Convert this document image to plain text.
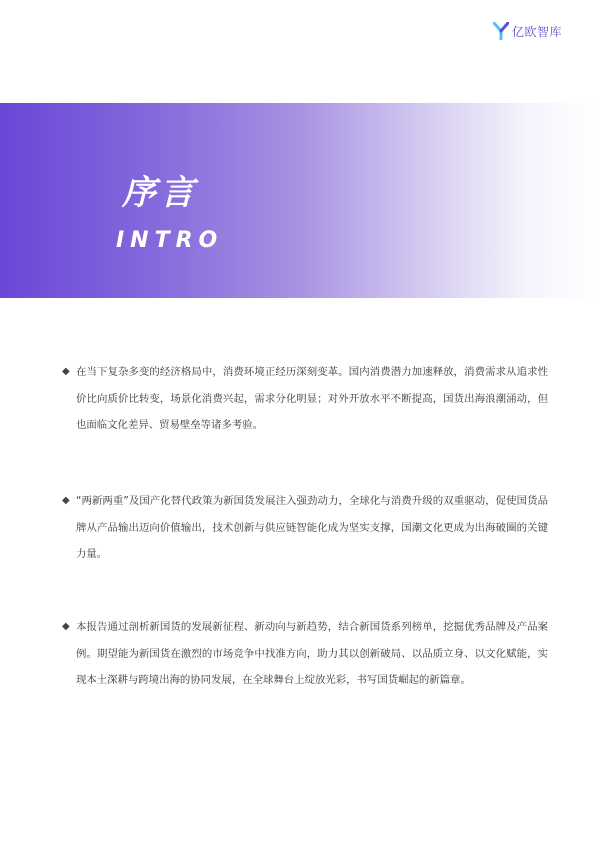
亿欧智库
序言
INTRO
◆ 在当下复杂多变的经济格局中，消费环境正经历深刻变革。国内消费潜力加速释放，消费需求从追求性价比向质价比转变，场景化消费兴起，需求分化明显；对外开放水平不断提高，国货出海浪潮涌动，但也面临文化差异、贸易壁垒等诸多考验。
◆ “两新两重”及国产化替代政策为新国货发展注入强劲动力，全球化与消费升级的双重驱动，促使国货品牌从产品输出迈向价值输出，技术创新与供应链智能化成为坚实支撑，国潮文化更成为出海破圈的关键力量。
◆ 本报告通过剖析新国货的发展新征程、新动向与新趋势，结合新国货系列榜单，挖掘优秀品牌及产品案例。期望能为新国货在激烈的市场竞争中找准方向，助力其以创新破局、以品质立身、以文化赋能，实现本土深耕与跨境出海的协同发展，在全球舞台上绽放光彩，书写国货崛起的新篇章。
